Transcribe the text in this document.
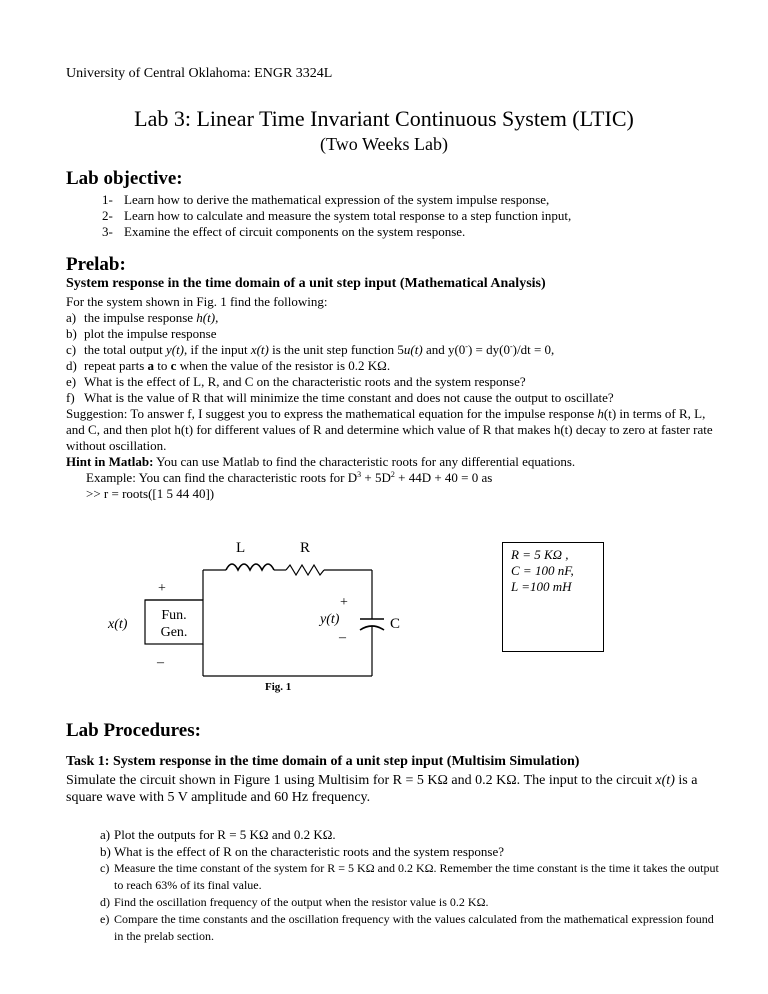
University of Central Oklahoma: ENGR 3324L
Lab 3: Linear Time Invariant Continuous System (LTIC)
(Two Weeks Lab)
Lab objective:
1- Learn how to derive the mathematical expression of the system impulse response,
2- Learn how to calculate and measure the system total response to a step function input,
3- Examine the effect of circuit components on the system response.
Prelab:
System response in the time domain of a unit step input (Mathematical Analysis)
For the system shown in Fig. 1 find the following:
a) the impulse response h(t),
b) plot the impulse response
c) the total output y(t), if the input x(t) is the unit step function 5u(t) and y(0-) = dy(0-)/dt = 0,
d) repeat parts a to c when the value of the resistor is 0.2 KΩ.
e) What is the effect of L, R, and C on the characteristic roots and the system response?
f) What is the value of R that will minimize the time constant and does not cause the output to oscillate?
Suggestion: To answer f, I suggest you to express the mathematical equation for the impulse response h(t) in terms of R, L, and C, and then plot h(t) for different values of R and determine which value of R that makes h(t) decay to zero at faster rate without oscillation.
Hint in Matlab: You can use Matlab to find the characteristic roots for any differential equations.
Example: You can find the characteristic roots for $D^3 + 5D^2 + 44D + 40 = 0$ as
>> r = roots([1 5 44 40])
Fun.
Gen.
+
–
x(t)
L	R
+
y(t)
–
C
Fig. 1
R = 5 KΩ ,
C = 100 nF,
L =100 mH
Lab Procedures:
Task 1: System response in the time domain of a unit step input (Multisim Simulation)
Simulate the circuit shown in Figure 1 using Multisim for R = 5 KΩ and 0.2 KΩ. The input to the circuit x(t) is a square wave with 5 V amplitude and 60 Hz frequency.
a) Plot the outputs for R = 5 KΩ and 0.2 KΩ.
b) What is the effect of R on the characteristic roots and the system response?
c) Measure the time constant of the system for R = 5 KΩ and 0.2 KΩ. Remember the time constant is the time it takes the output to reach 63% of its final value.
d) Find the oscillation frequency of the output when the resistor value is 0.2 KΩ.
e) Compare the time constants and the oscillation frequency with the values calculated from the mathematical expression found in the prelab section.
